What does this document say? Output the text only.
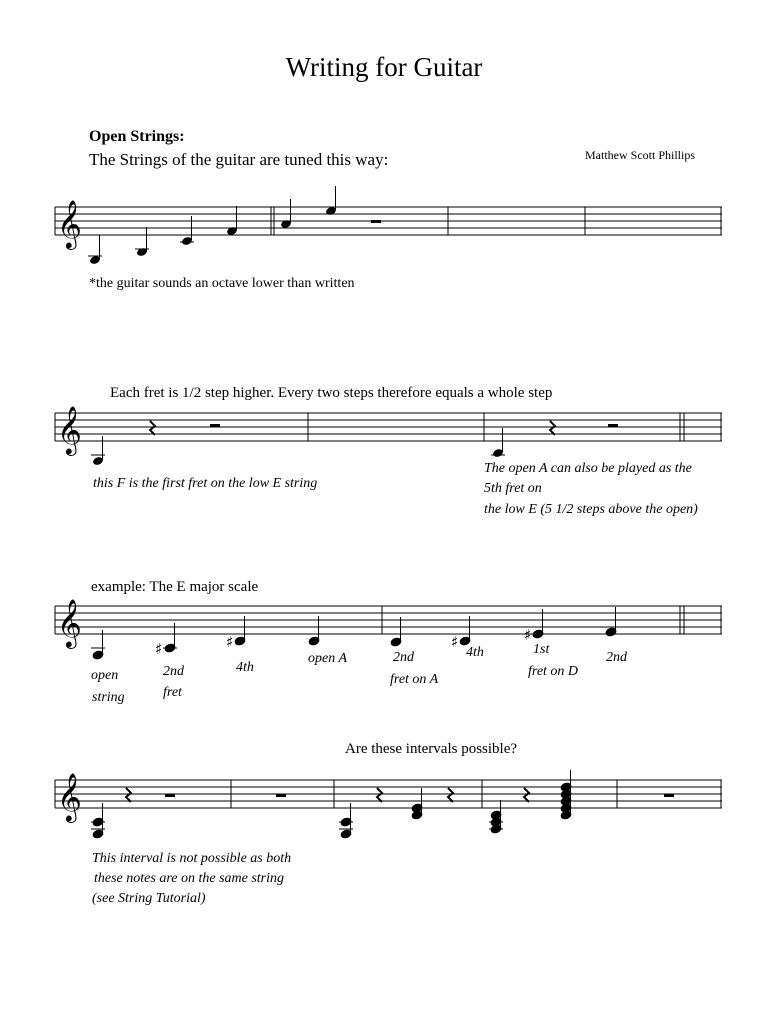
Writing for Guitar
Open Strings:
The Strings of the guitar are tuned this way:	Matthew Scott Phillips
𝄞
*the guitar sounds an octave lower than written
Each fret is 1/2 step higher. Every two steps therefore equals a whole step
𝄞
this F is the first fret on the low E string
The open A can also be played as the
5th fret on
the low E (5 1/2 steps above the open)
example: The E major scale
𝄞
♯	♯	♯	♯
open
string
2nd
fret
4th
open A	2nd
fret on A
4th	1st
fret on D
2nd
Are these intervals possible?
𝄞
This interval is not possible as both
these notes are on the same string
(see String Tutorial)
